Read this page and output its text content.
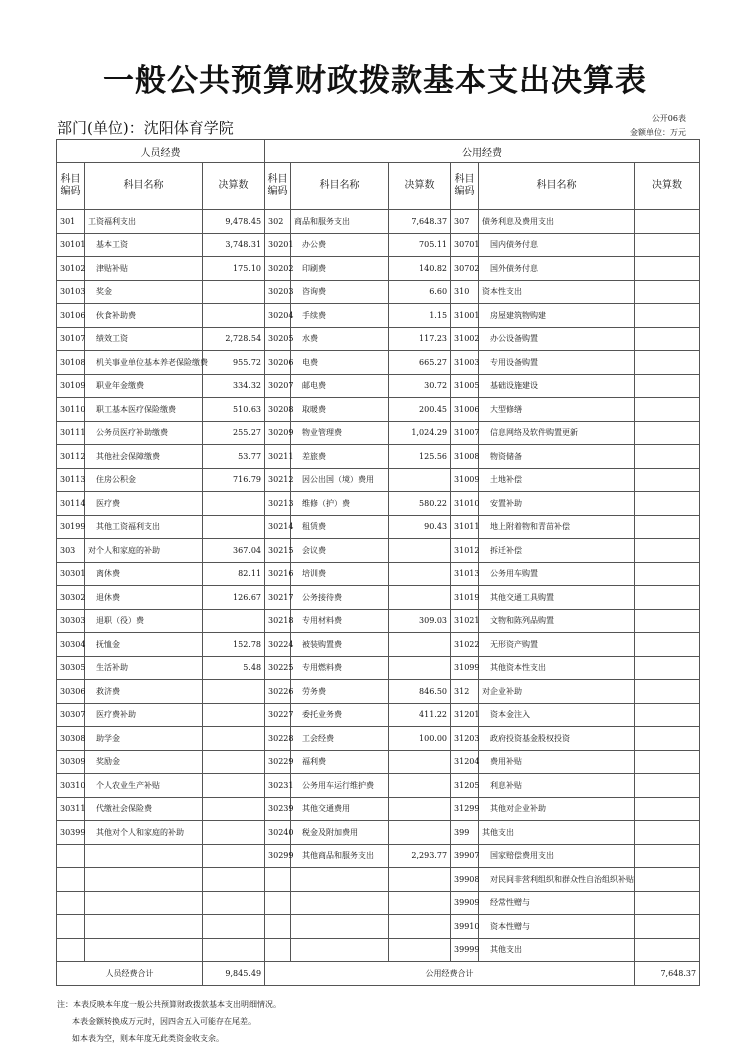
一般公共预算财政拨款基本支出决算表
部门(单位)：沈阳体育学院
公开06表
金额单位：万元
人员经费			公用经费					
科目编码	科目名称	决算数	科目编码	科目名称	决算数	科目编码	科目名称	决算数
301	工资福利支出	9,478.45	302	商品和服务支出	7,648.37	307	债务利息及费用支出	
30101	基本工资	3,748.31	30201	办公费	705.11	30701	国内债务付息	
30102	津贴补贴	175.10	30202	印刷费	140.82	30702	国外债务付息	
30103	奖金		30203	咨询费	6.60	310	资本性支出	
30106	伙食补助费		30204	手续费	1.15	31001	房屋建筑物购建	
30107	绩效工资	2,728.54	30205	水费	117.23	31002	办公设备购置	
30108	机关事业单位基本养老保险缴费	955.72	30206	电费	665.27	31003	专用设备购置	
30109	职业年金缴费	334.32	30207	邮电费	30.72	31005	基础设施建设	
30110	职工基本医疗保险缴费	510.63	30208	取暖费	200.45	31006	大型修缮	
30111	公务员医疗补助缴费	255.27	30209	物业管理费	1,024.29	31007	信息网络及软件购置更新	
30112	其他社会保障缴费	53.77	30211	差旅费	125.56	31008	物资储备	
30113	住房公积金	716.79	30212	因公出国（境）费用		31009	土地补偿	
30114	医疗费		30213	维修（护）费	580.22	31010	安置补助	
30199	其他工资福利支出		30214	租赁费	90.43	31011	地上附着物和青苗补偿	
303	对个人和家庭的补助	367.04	30215	会议费		31012	拆迁补偿	
30301	离休费	82.11	30216	培训费		31013	公务用车购置	
30302	退休费	126.67	30217	公务接待费		31019	其他交通工具购置	
30303	退职（役）费		30218	专用材料费	309.03	31021	文物和陈列品购置	
30304	抚恤金	152.78	30224	被装购置费		31022	无形资产购置	
30305	生活补助	5.48	30225	专用燃料费		31099	其他资本性支出	
30306	救济费		30226	劳务费	846.50	312	对企业补助	
30307	医疗费补助		30227	委托业务费	411.22	31201	资本金注入	
30308	助学金		30228	工会经费	100.00	31203	政府投资基金股权投资	
30309	奖励金		30229	福利费		31204	费用补贴	
30310	个人农业生产补贴		30231	公务用车运行维护费		31205	利息补贴	
30311	代缴社会保险费		30239	其他交通费用		31299	其他对企业补助	
30399	其他对个人和家庭的补助		30240	税金及附加费用		399	其他支出	
			30299	其他商品和服务支出	2,293.77	39907	国家赔偿费用支出	
						39908	对民间非营利组织和群众性自治组织补贴	
						39909	经常性赠与	
						39910	资本性赠与	
						39999	其他支出	
人员经费合计		9,845.49	公用经费合计					7,648.37
注：本表反映本年度一般公共预算财政拨款基本支出明细情况。
本表金额转换成万元时，因四舍五入可能存在尾差。
如本表为空，则本年度无此类资金收支余。
